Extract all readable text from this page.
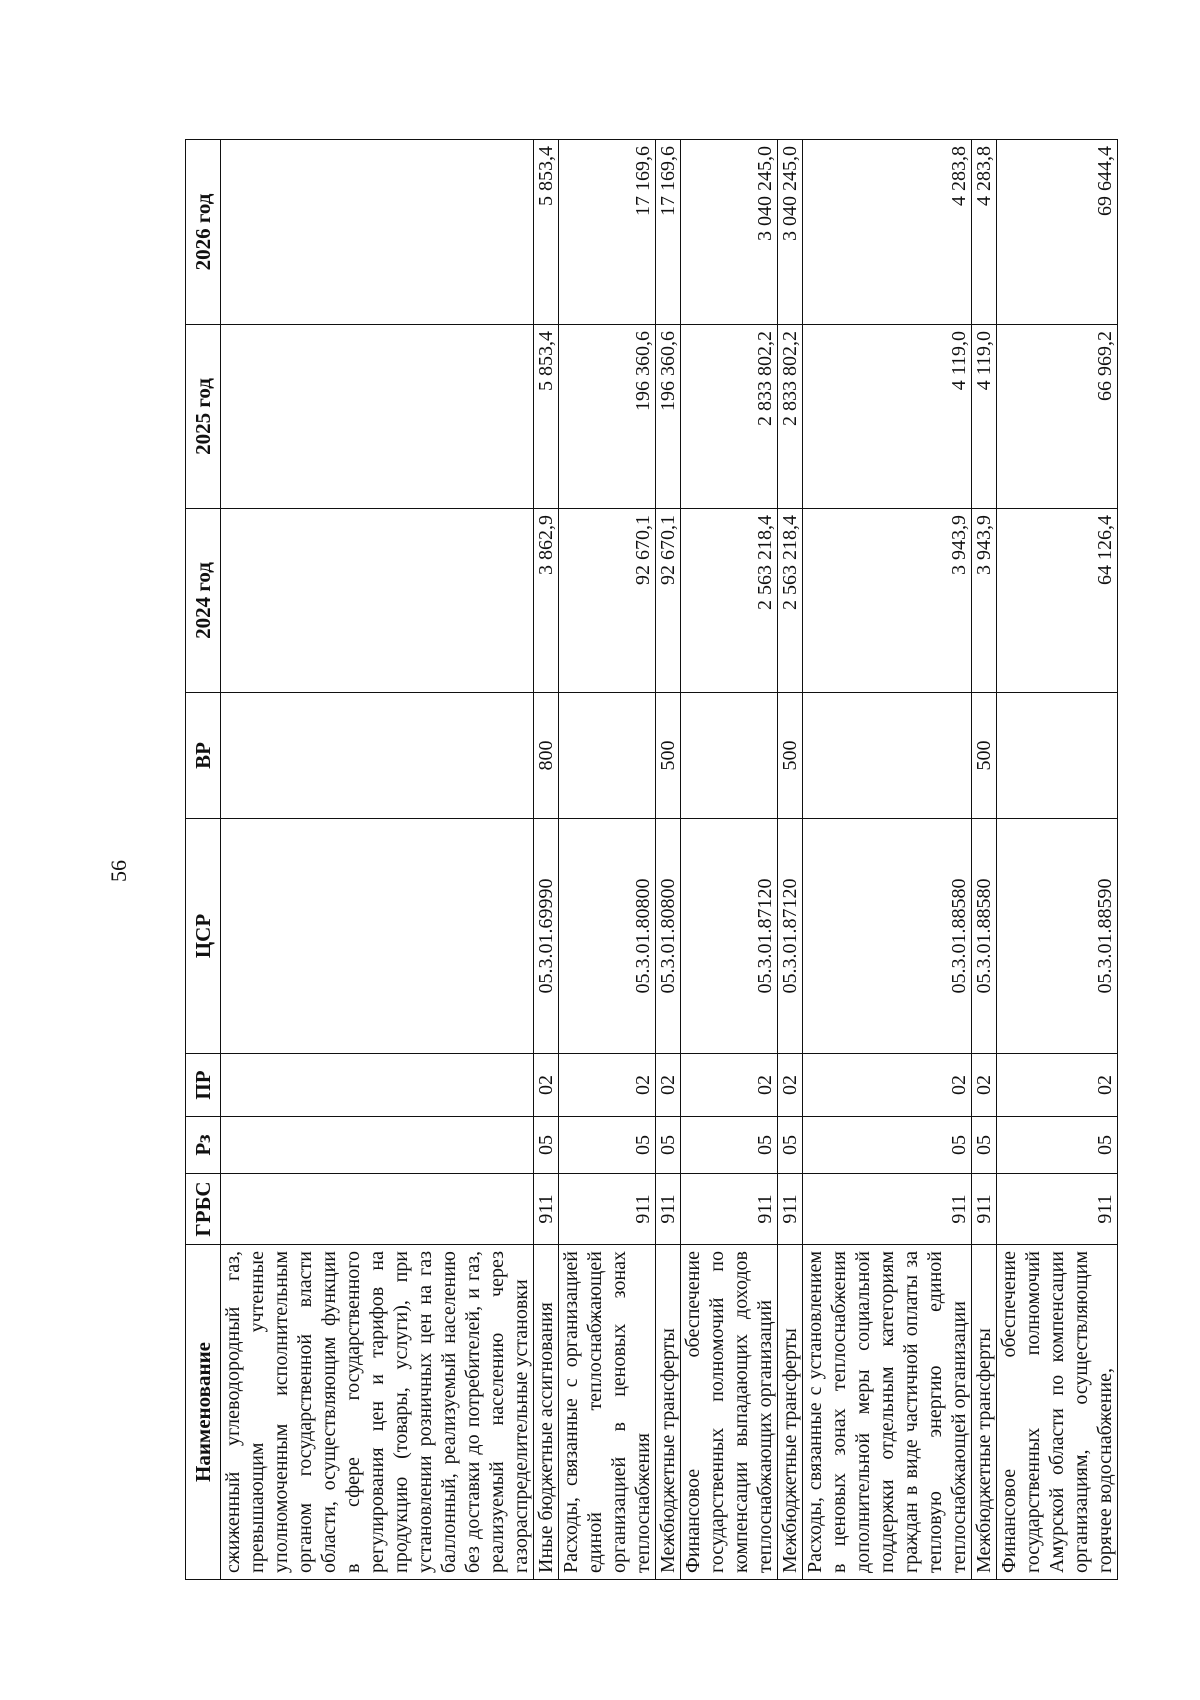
56
Наименование	ГРБС	Рз	ПР	ЦСР	ВР	2024 год	2025 год	2026 год
сжиженный углеводородный газ, превышающим учтенные уполномоченным исполнительным органом государственной власти области, осуществляющим функции в сфере государственного регулирования цен и тарифов на продукцию (товары, услуги), при установлении розничных цен на газ баллонный, реализуемый населению без доставки до потребителей, и газ, реализуемый населению через газораспределительные установки								
Иные бюджетные ассигнования	911	05	02	05.3.01.69990	800	3 862,9	5 853,4	5 853,4
Расходы, связанные с организацией единой теплоснабжающей организацией в ценовых зонах теплоснабжения	911	05	02	05.3.01.80800		92 670,1	196 360,6	17 169,6
Межбюджетные трансферты	911	05	02	05.3.01.80800	500	92 670,1	196 360,6	17 169,6
Финансовое обеспечение государственных полномочий по компенсации выпадающих доходов теплоснабжающих организаций	911	05	02	05.3.01.87120		2 563 218,4	2 833 802,2	3 040 245,0
Межбюджетные трансферты	911	05	02	05.3.01.87120	500	2 563 218,4	2 833 802,2	3 040 245,0
Расходы, связанные с установлением в ценовых зонах теплоснабжения дополнительной меры социальной поддержки отдельным категориям граждан в виде частичной оплаты за тепловую энергию единой теплоснабжающей организации	911	05	02	05.3.01.88580		3 943,9	4 119,0	4 283,8
Межбюджетные трансферты	911	05	02	05.3.01.88580	500	3 943,9	4 119,0	4 283,8
Финансовое обеспечение государственных полномочий Амурской области по компенсации организациям, осуществляющим горячее водоснабжение,	911	05	02	05.3.01.88590		64 126,4	66 969,2	69 644,4
